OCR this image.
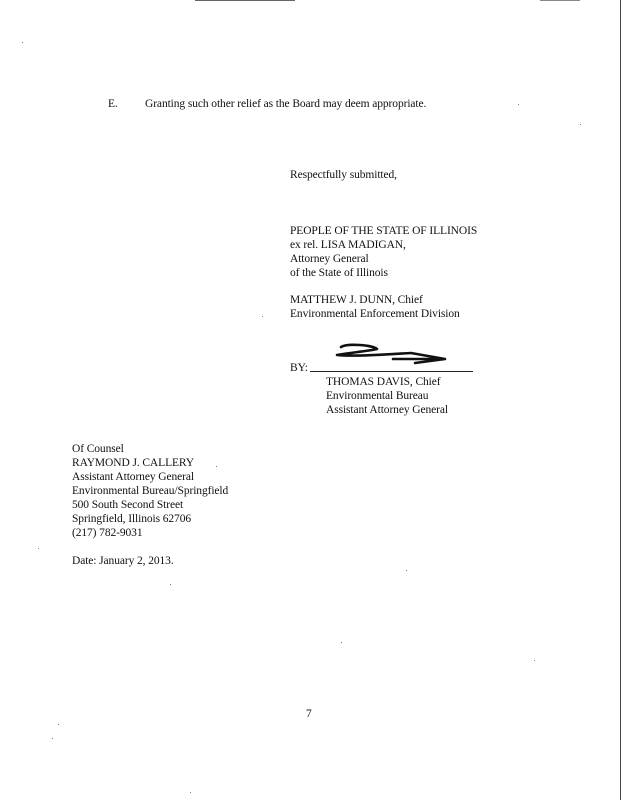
E. Granting such other relief as the Board may deem appropriate.
Respectfully submitted,
PEOPLE OF THE STATE OF ILLINOIS
ex rel. LISA MADIGAN,
Attorney General
of the State of Illinois
MATTHEW J. DUNN, Chief
Environmental Enforcement Division
BY:
THOMAS DAVIS, Chief
Environmental Bureau
Assistant Attorney General
Of Counsel
RAYMOND J. CALLERY
Assistant Attorney General
Environmental Bureau/Springfield
500 South Second Street
Springfield, Illinois 62706
(217) 782-9031
Date: January 2, 2013.
7
